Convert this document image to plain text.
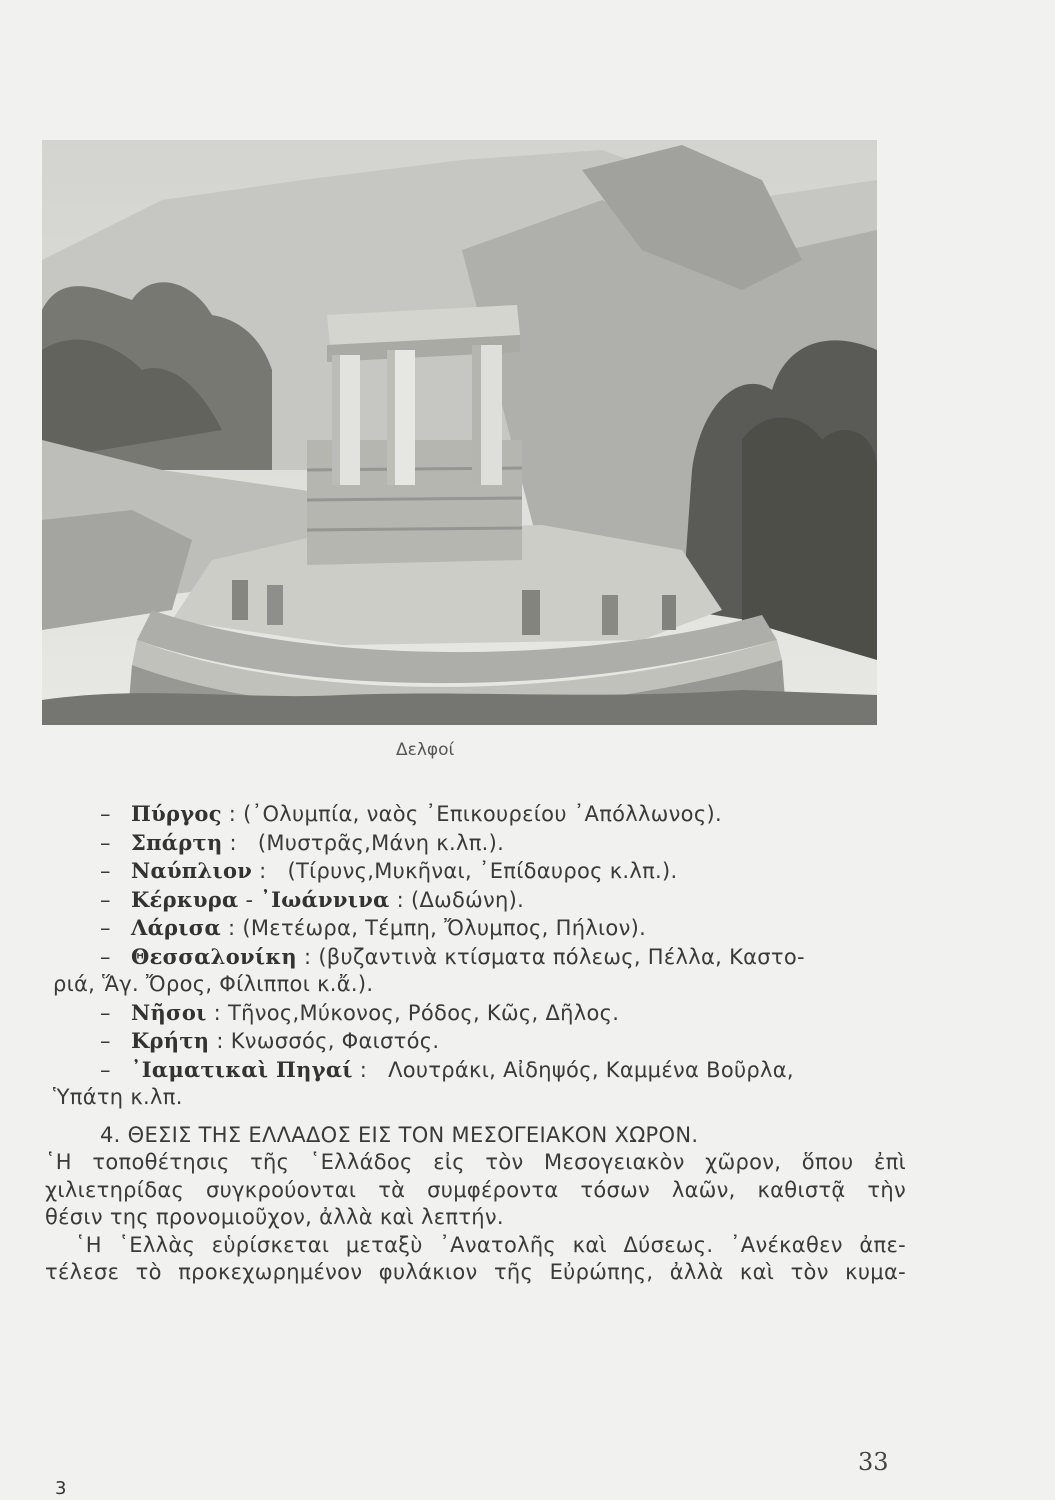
Δελφοί
– Πύργος : (᾽Ολυμπία, ναὸς ᾽Επικουρείου ᾽Απόλλωνος).
– Σπάρτη : (Μυστρᾶς,Μάνη κ.λπ.).
– Ναύπλιον : (Τίρυνς,Μυκῆναι, ᾽Επίδαυρος κ.λπ.).
– Κέρκυρα - ᾽Ιωάννινα : (Δωδώνη).
– Λάρισα : (Μετέωρα, Τέμπη, Ὄλυμπος, Πήλιον).
– Θεσσαλονίκη : (βυζαντινὰ κτίσματα πόλεως, Πέλλα, Καστο-
ριά, Ἅγ. Ὄρος, Φίλιπποι κ.ἄ.).
– Νῆσοι : Τῆνος,Μύκονος, Ρόδος, Κῶς, Δῆλος.
– Κρήτη : Κνωσσός, Φαιστός.
– ᾽Ιαματικαὶ Πηγαί : Λουτράκι, Αἰδηψός, Καμμένα Βοῦρλα,
Ὑπάτη κ.λπ.
4. ΘΕΣΙΣ ΤΗΣ ΕΛΛΑΔΟΣ ΕΙΣ ΤΟΝ ΜΕΣΟΓΕΙΑΚΟΝ ΧΩΡΟΝ.
῾Η τοποθέτησις τῆς ῾Ελλάδος εἰς τὸν Μεσογειακὸν χῶρον, ὅπου ἐπὶ
χιλιετηρίδας συγκρούονται τὰ συμφέροντα τόσων λαῶν, καθιστᾷ τὴν
θέσιν της προνομιοῦχον, ἀλλὰ καὶ λεπτήν.
῾Η ῾Ελλὰς εὑρίσκεται μεταξὺ ᾽Ανατολῆς καὶ Δύσεως. ᾽Ανέκαθεν ἀπε-
τέλεσε τὸ προκεχωρημένον φυλάκιον τῆς Εὐρώπης, ἀλλὰ καὶ τὸν κυμα-
33
3
